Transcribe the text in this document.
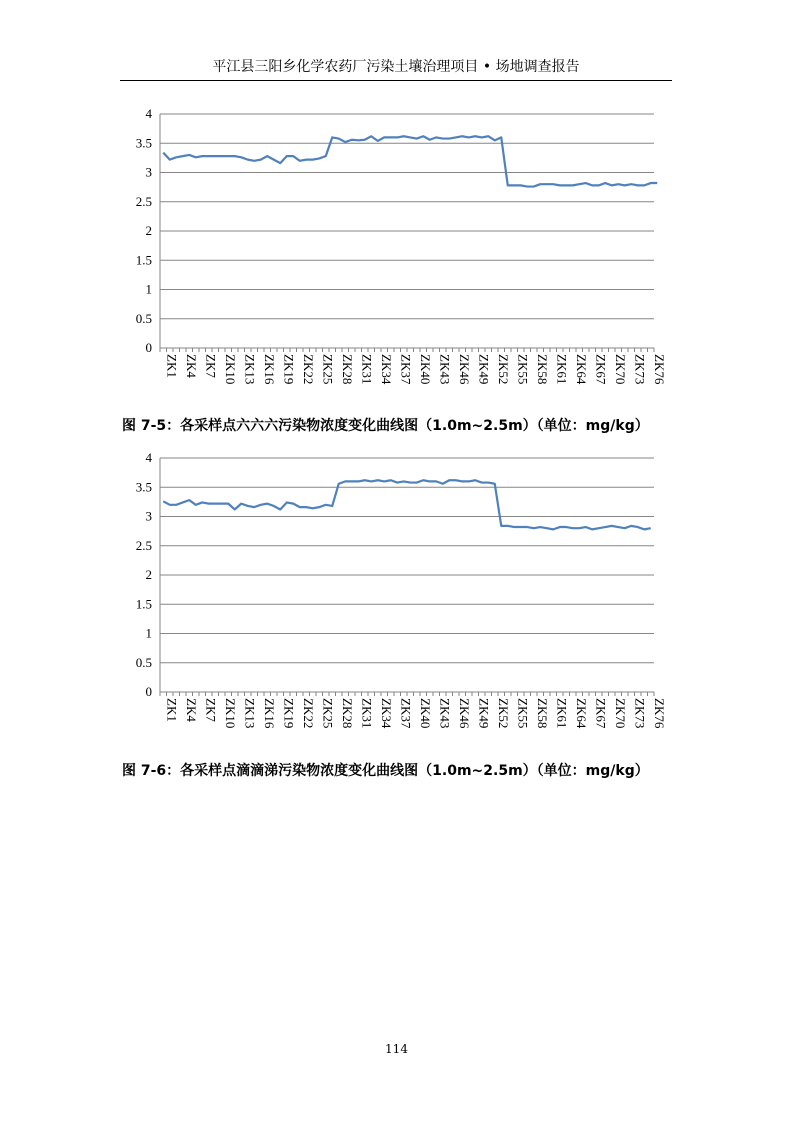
平江县三阳乡化学农药厂污染土壤治理项目 • 场地调查报告
0
0.5
1
1.5
2
2.5
3
3.5
4
ZK1 ZK4 ZK7 ZK10 ZK13 ZK16 ZK19 ZK22 ZK25 ZK28 ZK31 ZK34 ZK37 ZK40 ZK43 ZK46 ZK49 ZK52 ZK55 ZK58 ZK61 ZK64 ZK67 ZK70 ZK73 ZK76
图 7-5：各采样点六六六污染物浓度变化曲线图（1.0m~2.5m）（单位：mg/kg）
0
0.5
1
1.5
2
2.5
3
3.5
4
ZK1 ZK4 ZK7 ZK10 ZK13 ZK16 ZK19 ZK22 ZK25 ZK28 ZK31 ZK34 ZK37 ZK40 ZK43 ZK46 ZK49 ZK52 ZK55 ZK58 ZK61 ZK64 ZK67 ZK70 ZK73 ZK76
图 7-6：各采样点滴滴涕污染物浓度变化曲线图（1.0m~2.5m）（单位：mg/kg）
114
